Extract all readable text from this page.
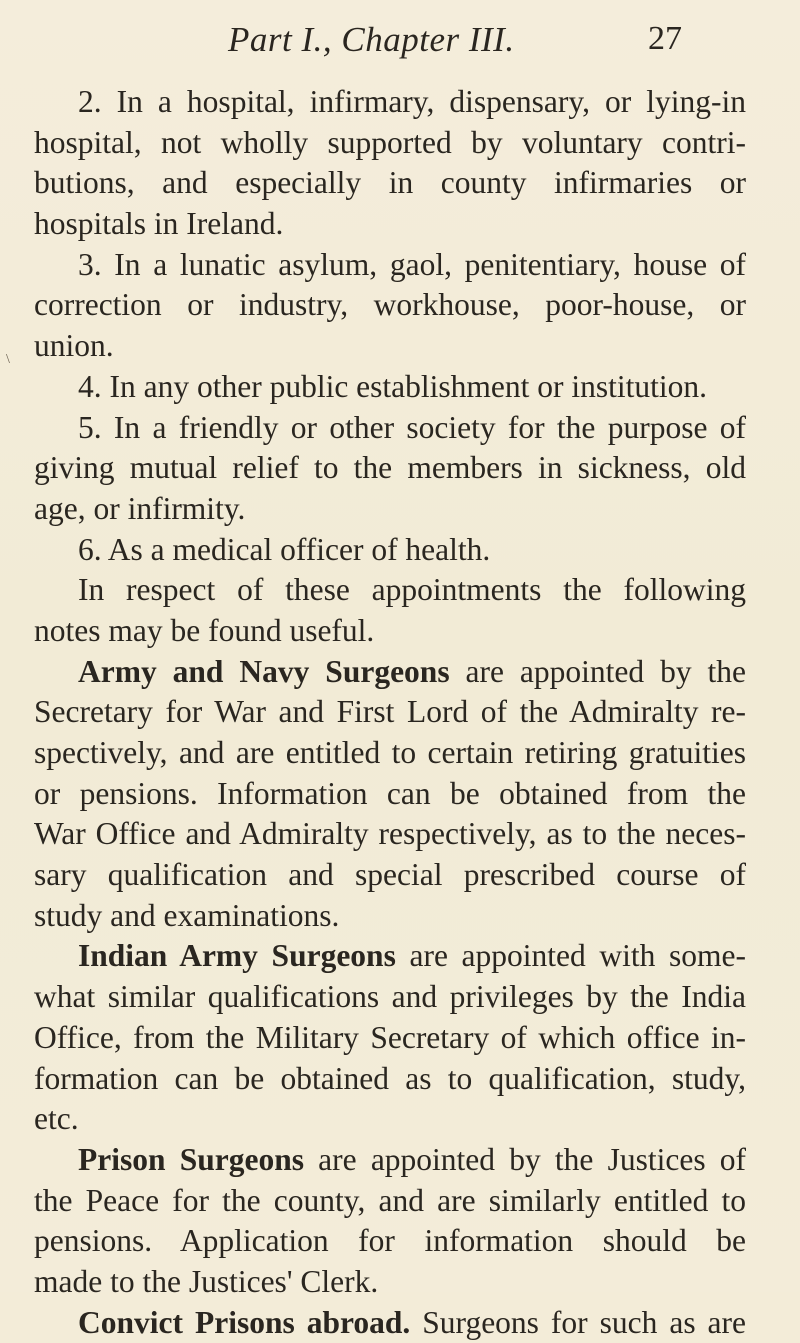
Part I., Chapter III.	27
\
2. In a hospital, infirmary, dispensary, or lying-in
hospital, not wholly supported by voluntary contri-
butions, and especially in county infirmaries or
hospitals in Ireland.
3. In a lunatic asylum, gaol, penitentiary, house of
correction or industry, workhouse, poor-house, or
union.
4. In any other public establishment or institution.
5. In a friendly or other society for the purpose of
giving mutual relief to the members in sickness, old
age, or infirmity.
6. As a medical officer of health.
In respect of these appointments the following
notes may be found useful.
Army and Navy Surgeons are appointed by the
Secretary for War and First Lord of the Admiralty re-
spectively, and are entitled to certain retiring gratuities
or pensions. Information can be obtained from the
War Office and Admiralty respectively, as to the neces-
sary qualification and special prescribed course of
study and examinations.
Indian Army Surgeons are appointed with some-
what similar qualifications and privileges by the India
Office, from the Military Secretary of which office in-
formation can be obtained as to qualification, study,
etc.
Prison Surgeons are appointed by the Justices of
the Peace for the county, and are similarly entitled to
pensions. Application for information should be
made to the Justices' Clerk.
Convict Prisons abroad. Surgeons for such as are
